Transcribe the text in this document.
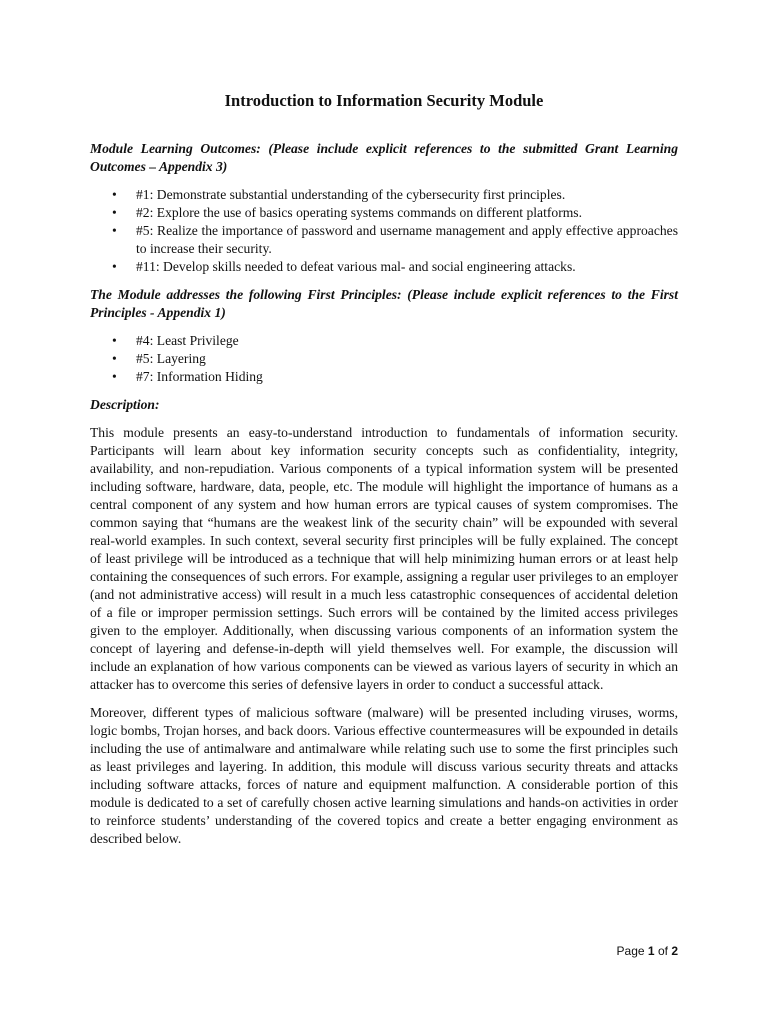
Introduction to Information Security Module
Module Learning Outcomes: (Please include explicit references to the submitted Grant Learning Outcomes – Appendix 3)
• #1: Demonstrate substantial understanding of the cybersecurity first principles.
• #2: Explore the use of basics operating systems commands on different platforms.
• #5: Realize the importance of password and username management and apply effective approaches to increase their security.
• #11: Develop skills needed to defeat various mal- and social engineering attacks.
The Module addresses the following First Principles: (Please include explicit references to the First Principles - Appendix 1)
• #4: Least Privilege
• #5: Layering
• #7: Information Hiding
Description:
This module presents an easy-to-understand introduction to fundamentals of information security. Participants will learn about key information security concepts such as confidentiality, integrity, availability, and non-repudiation. Various components of a typical information system will be presented including software, hardware, data, people, etc. The module will highlight the importance of humans as a central component of any system and how human errors are typical causes of system compromises. The common saying that “humans are the weakest link of the security chain” will be expounded with several real-world examples. In such context, several security first principles will be fully explained. The concept of least privilege will be introduced as a technique that will help minimizing human errors or at least help containing the consequences of such errors. For example, assigning a regular user privileges to an employer (and not administrative access) will result in a much less catastrophic consequences of accidental deletion of a file or improper permission settings. Such errors will be contained by the limited access privileges given to the employer. Additionally, when discussing various components of an information system the concept of layering and defense-in-depth will yield themselves well. For example, the discussion will include an explanation of how various components can be viewed as various layers of security in which an attacker has to overcome this series of defensive layers in order to conduct a successful attack.
Moreover, different types of malicious software (malware) will be presented including viruses, worms, logic bombs, Trojan horses, and back doors. Various effective countermeasures will be expounded in details including the use of antimalware and antimalware while relating such use to some the first principles such as least privileges and layering. In addition, this module will discuss various security threats and attacks including software attacks, forces of nature and equipment malfunction. A considerable portion of this module is dedicated to a set of carefully chosen active learning simulations and hands-on activities in order to reinforce students’ understanding of the covered topics and create a better engaging environment as described below.
Page 1 of 2
